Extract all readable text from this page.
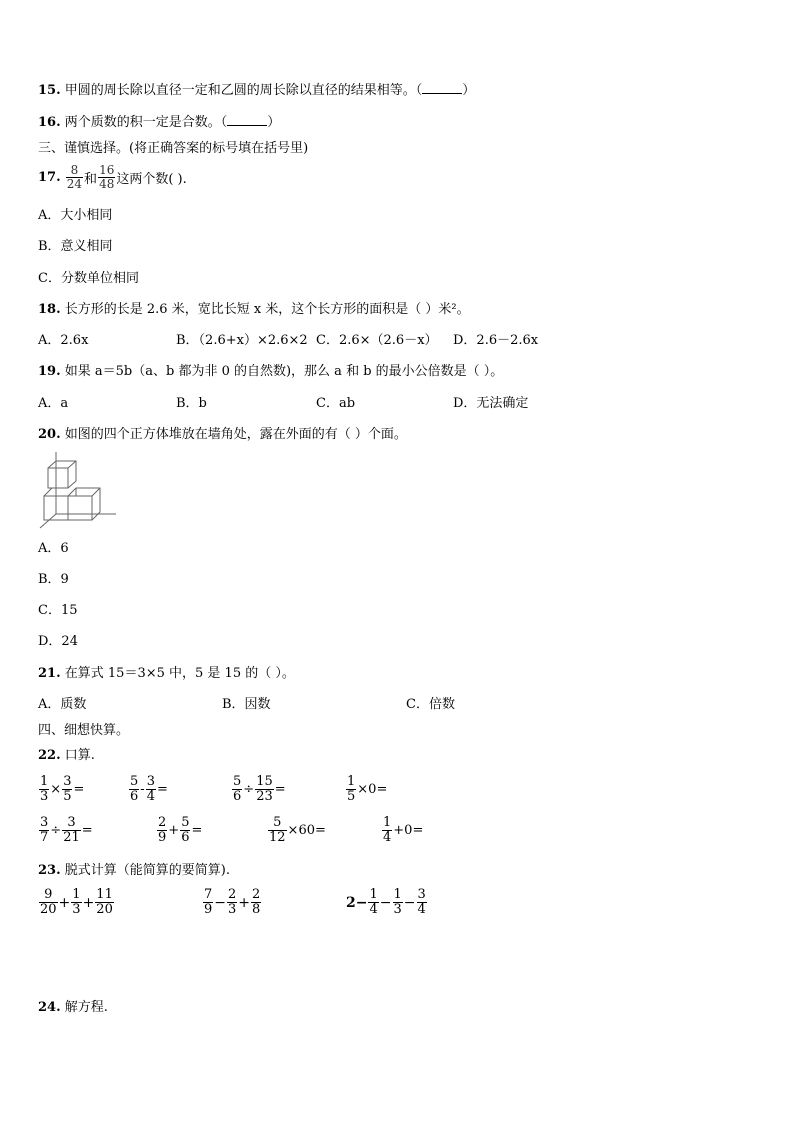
15. 甲圆的周长除以直径一定和乙圆的周长除以直径的结果相等。（	）
16. 两个质数的积一定是合数。（	）
三、谨慎选择。(将正确答案的标号填在括号里)
17.
$\frac{8}{24}$ 和 $\frac{16}{48}$ 这两个数( ).
A．大小相同
B．意义相同
C．分数单位相同
18. 长方形的长是 2.6 米，宽比长短 x 米，这个长方形的面积是（ ）米²。
A．2.6x	B．（2.6+x）×2.6×2 C．2.6×（2.6－x） D．2.6－2.6x
19. 如果 a＝5b（a、b 都为非 0 的自然数)，那么 a 和 b 的最小公倍数是（ ）。
A．a	B．b	C．ab	D．无法确定
20. 如图的四个正方体堆放在墙角处，露在外面的有（ ）个面。
A．6
B．9
C．15
D．24
21. 在算式 15＝3×5 中，5 是 15 的（ ）。
A．质数	B．因数	C．倍数
四、细想快算。
22. 口算.
$\frac{1}{3} \times \frac{3}{5}$ =	$\frac{5}{6} - \frac{3}{4}$ =	$\frac{5}{6} \div \frac{15}{23}$ =	$\frac{1}{5} \times 0=$
$\frac{3}{7} \div \frac{3}{21}$ =	$\frac{2}{9} + \frac{5}{6}$ =	$\frac{5}{12} \times 60=$	$\frac{1}{4} +0=$
23. 脱式计算（能简算的要简算).
$\frac{9}{20} + \frac{1}{3} + \frac{11}{20}$	$\frac{7}{9} - \frac{2}{3} + \frac{2}{8}$	$2- \frac{1}{4} - \frac{1}{3} - \frac{3}{4}$
24. 解方程.
